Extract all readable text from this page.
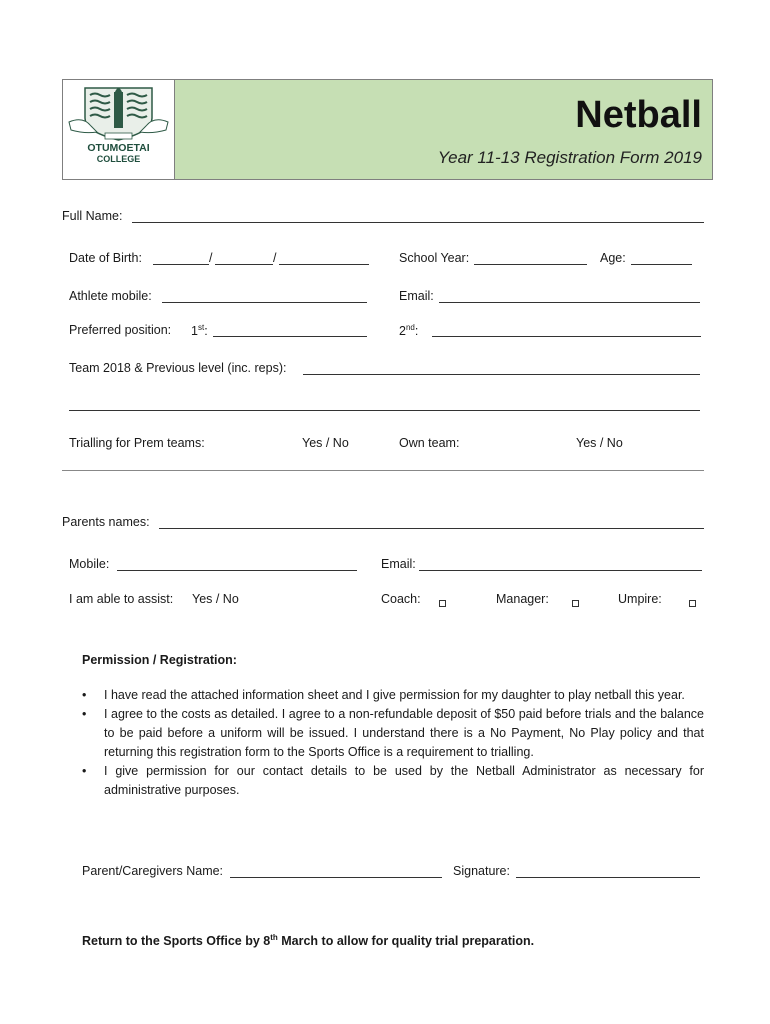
OTUMOETAI
COLLEGE
Netball
Year 11-13 Registration Form 2019
Full Name:
Date of Birth:	/	/	School Year:	Age:
Athlete mobile:	Email:
Preferred position: 1st:	2nd:
Team 2018 & Previous level (inc. reps):
Trialling for Prem teams:	Yes / No	Own team:	Yes / No
Parents names:
Mobile:	Email:
I am able to assist: Yes / No	Coach:	Manager:	Umpire:
Permission / Registration:
• I have read the attached information sheet and I give permission for my daughter to play netball this year.
• I agree to the costs as detailed. I agree to a non-refundable deposit of $50 paid before trials and the balance to be paid before a uniform will be issued. I understand there is a No Payment, No Play policy and that returning this registration form to the Sports Office is a requirement to trialling.
• I give permission for our contact details to be used by the Netball Administrator as necessary for administrative purposes.
Parent/Caregivers Name:	Signature:
Return to the Sports Office by 8th March to allow for quality trial preparation.
